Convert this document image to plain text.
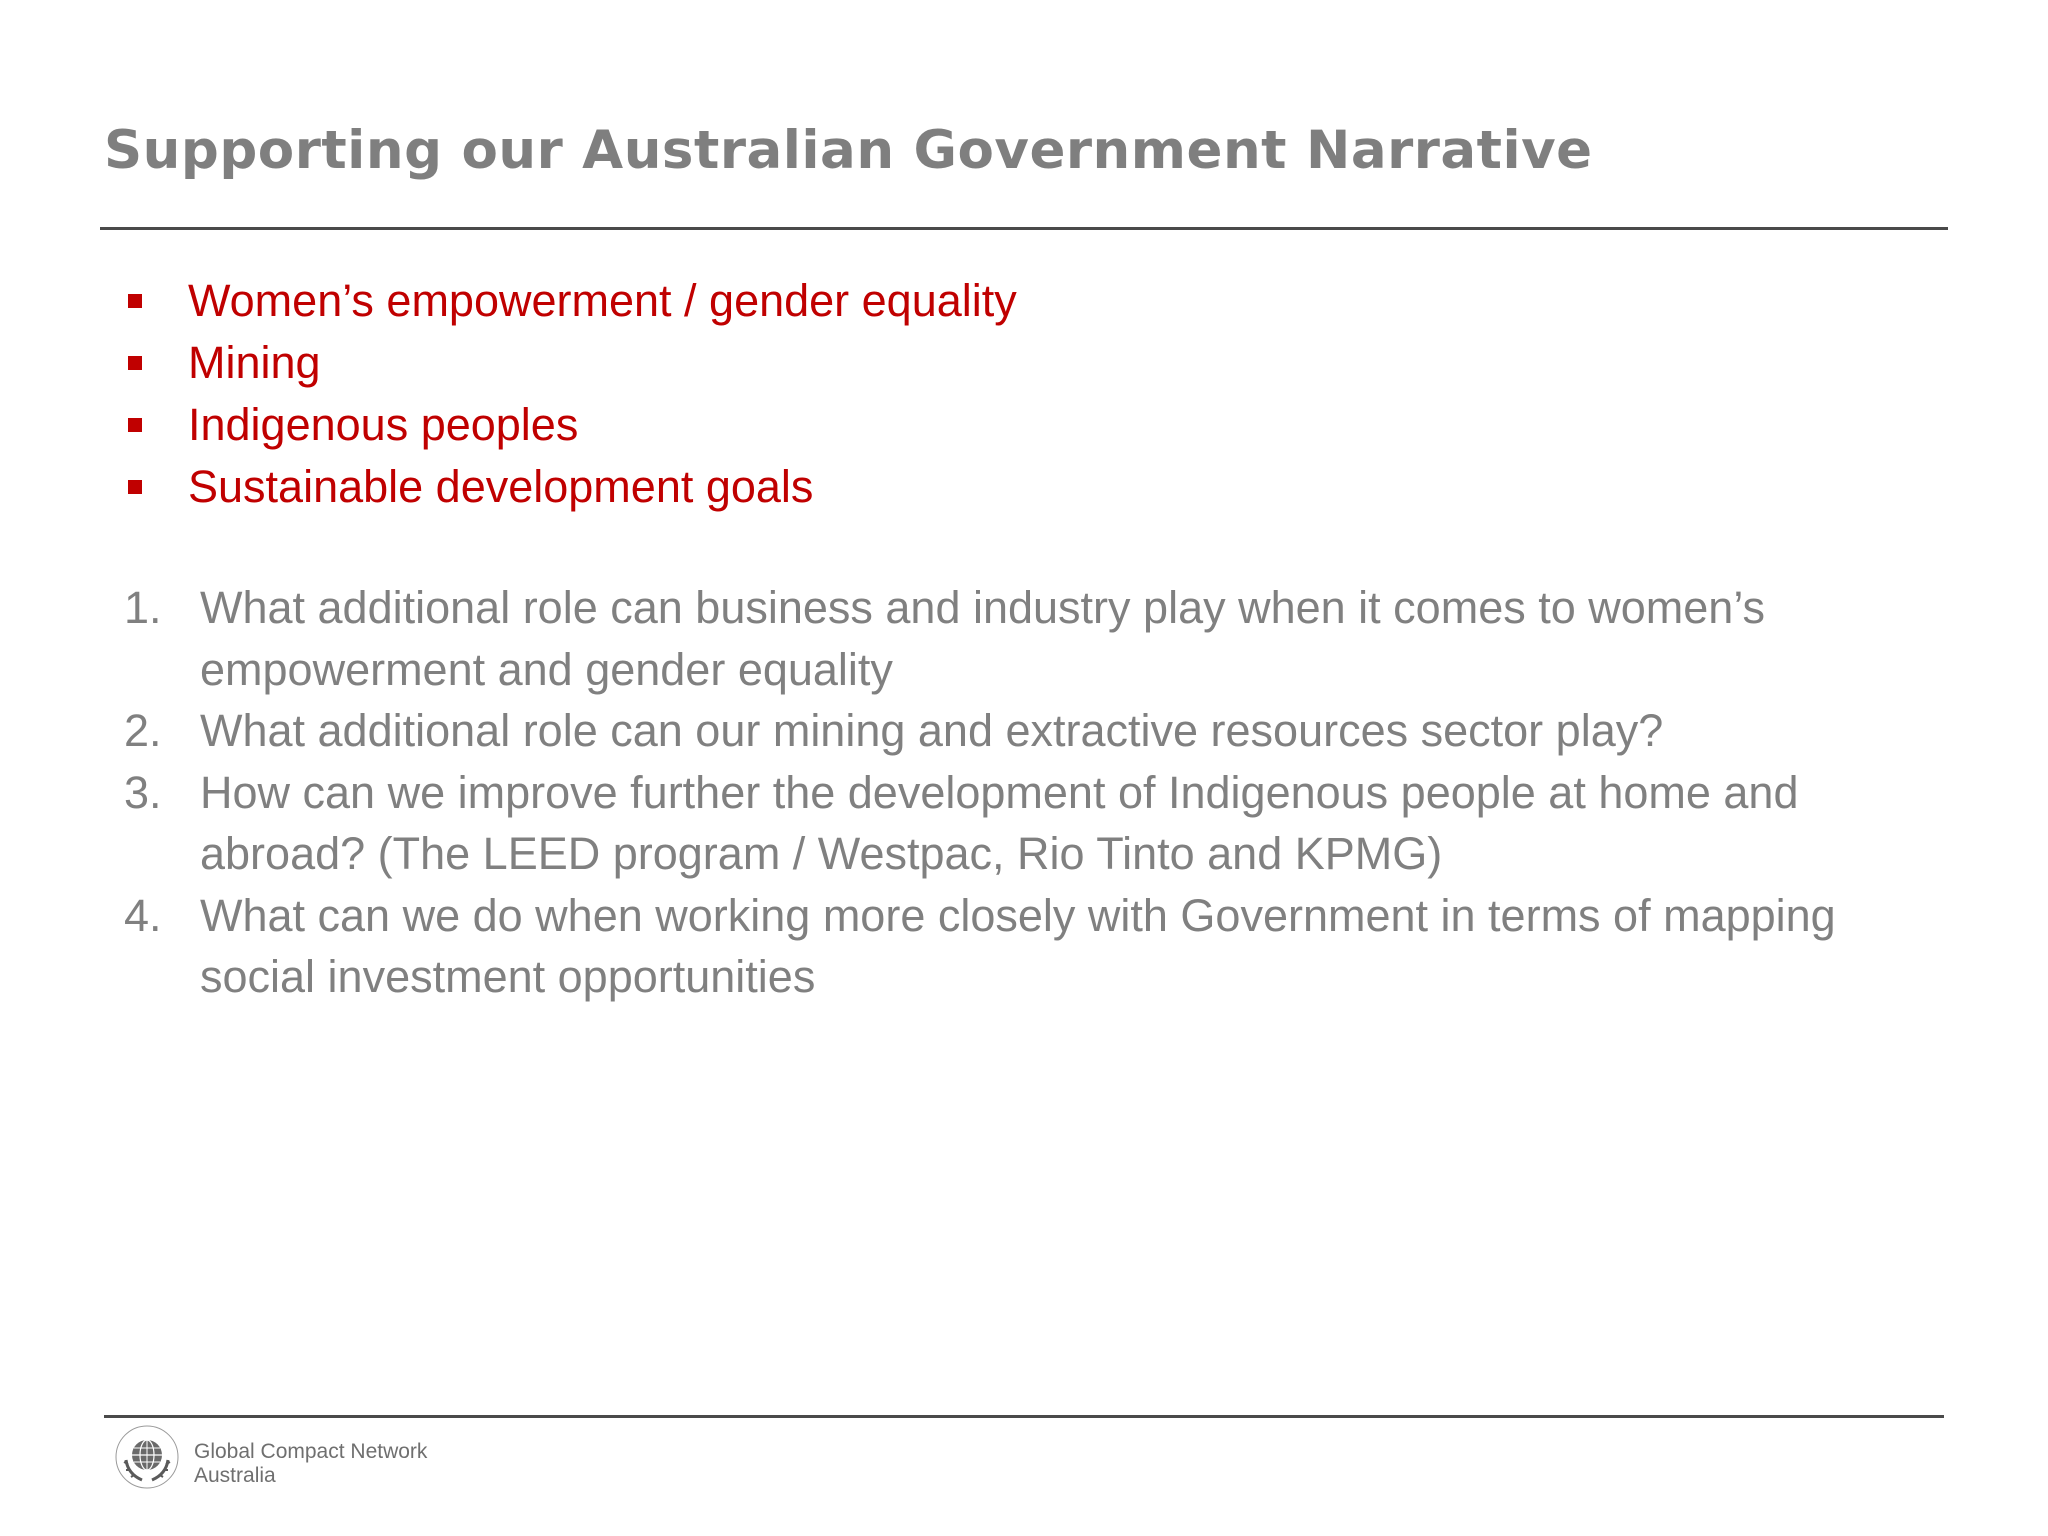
Supporting our Australian Government Narrative
Women’s empowerment / gender equality
Mining
Indigenous peoples
Sustainable development goals
1. What additional role can business and industry play when it comes to women’s empowerment and gender equality
2. What additional role can our mining and extractive resources sector play?
3. How can we improve further the development of Indigenous people at home and abroad? (The LEED program / Westpac, Rio Tinto and KPMG)
4. What can we do when working more closely with Government in terms of mapping social investment opportunities
Global Compact Network
Australia
